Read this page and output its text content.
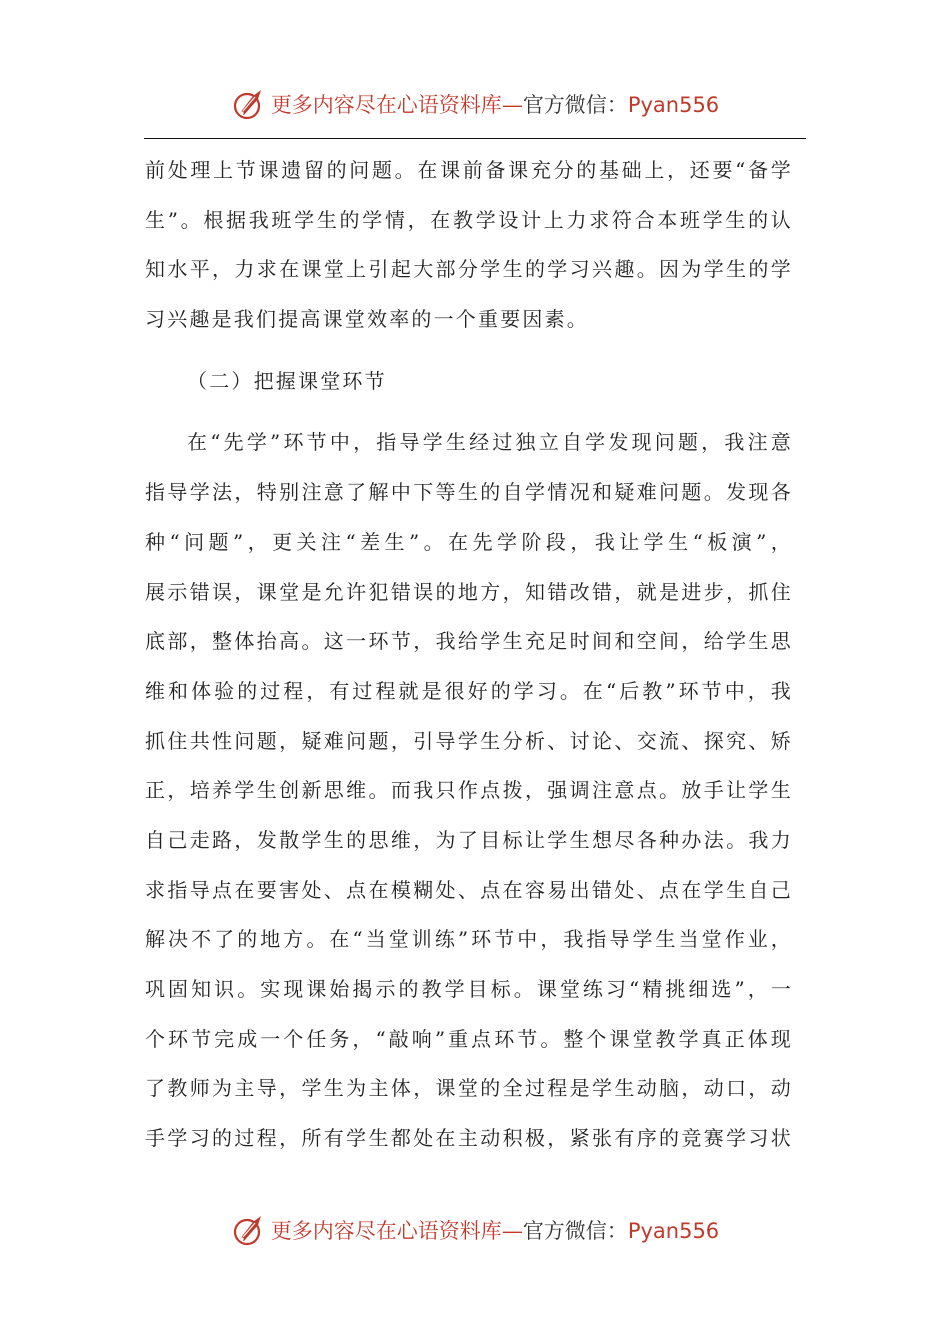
更多内容尽在心语资料库—官方微信：Pyan556
前处理上节课遗留的问题。在课前备课充分的基础上，还要“备学
生”。根据我班学生的学情，在教学设计上力求符合本班学生的认
知水平，力求在课堂上引起大部分学生的学习兴趣。因为学生的学
习兴趣是我们提高课堂效率的一个重要因素。
（二）把握课堂环节
在“先学”环节中，指导学生经过独立自学发现问题，我注意
指导学法，特别注意了解中下等生的自学情况和疑难问题。发现各
种“问题”，更关注“差生”。在先学阶段，我让学生“板演”，
展示错误，课堂是允许犯错误的地方，知错改错，就是进步，抓住
底部，整体抬高。这一环节，我给学生充足时间和空间，给学生思
维和体验的过程，有过程就是很好的学习。在“后教”环节中，我
抓住共性问题，疑难问题，引导学生分析、讨论、交流、探究、矫
正，培养学生创新思维。而我只作点拨，强调注意点。放手让学生
自己走路，发散学生的思维，为了目标让学生想尽各种办法。我力
求指导点在要害处、点在模糊处、点在容易出错处、点在学生自己
解决不了的地方。在“当堂训练”环节中，我指导学生当堂作业，
巩固知识。实现课始揭示的教学目标。课堂练习“精挑细选”，一
个环节完成一个任务，“敲响”重点环节。整个课堂教学真正体现
了教师为主导，学生为主体，课堂的全过程是学生动脑，动口，动
手学习的过程，所有学生都处在主动积极，紧张有序的竞赛学习状
更多内容尽在心语资料库—官方微信：Pyan556
